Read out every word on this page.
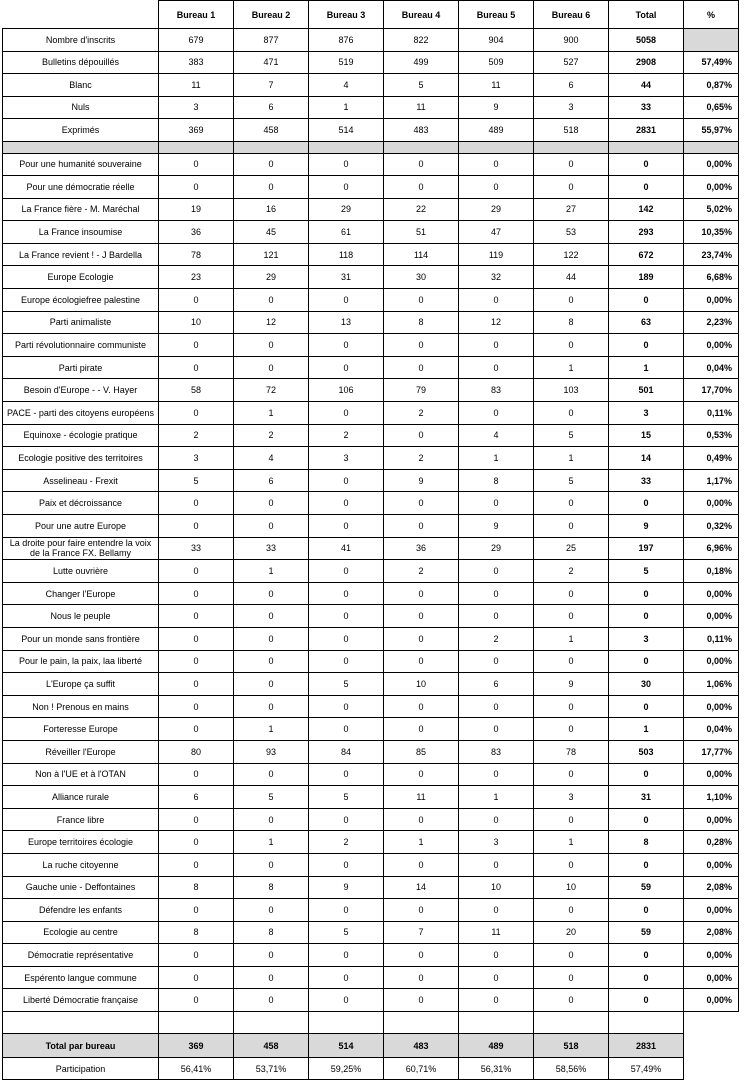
	Bureau 1	Bureau 2	Bureau 3	Bureau 4	Bureau 5	Bureau 6	Total	%
Nombre d'inscrits	679	877	876	822	904	900	5058	
Bulletins dépouillés	383	471	519	499	509	527	2908	57,49%
Blanc	11	7	4	5	11	6	44	0,87%
Nuls	3	6	1	11	9	3	33	0,65%
Exprimés	369	458	514	483	489	518	2831	55,97%

Pour une humanité souveraine	0	0	0	0	0	0	0	0,00%
Pour une démocratie réelle	0	0	0	0	0	0	0	0,00%
La France fière - M. Maréchal	19	16	29	22	29	27	142	5,02%
La France insoumise	36	45	61	51	47	53	293	10,35%
La France revient ! - J Bardella	78	121	118	114	119	122	672	23,74%
Europe Ecologie	23	29	31	30	32	44	189	6,68%
Europe écologiefree palestine	0	0	0	0	0	0	0	0,00%
Parti animaliste	10	12	13	8	12	8	63	2,23%
Parti révolutionnaire communiste	0	0	0	0	0	0	0	0,00%
Parti pirate	0	0	0	0	0	1	1	0,04%
Besoin d'Europe - - V. Hayer	58	72	106	79	83	103	501	17,70%
PACE - parti des citoyens européens	0	1	0	2	0	0	3	0,11%
Equinoxe - écologie pratique	2	2	2	0	4	5	15	0,53%
Ecologie positive des territoires	3	4	3	2	1	1	14	0,49%
Asselineau - Frexit	5	6	0	9	8	5	33	1,17%
Paix et décroissance	0	0	0	0	0	0	0	0,00%
Pour une autre Europe	0	0	0	0	9	0	9	0,32%
La droite pour faire entendre la voix de la France FX. Bellamy	33	33	41	36	29	25	197	6,96%
Lutte ouvrière	0	1	0	2	0	2	5	0,18%
Changer l'Europe	0	0	0	0	0	0	0	0,00%
Nous le peuple	0	0	0	0	0	0	0	0,00%
Pour un monde sans frontière	0	0	0	0	2	1	3	0,11%
Pour le pain, la paix, laa liberté	0	0	0	0	0	0	0	0,00%
L'Europe ça suffit	0	0	5	10	6	9	30	1,06%
Non ! Prenous en mains	0	0	0	0	0	0	0	0,00%
Forteresse Europe	0	1	0	0	0	0	1	0,04%
Réveiller l'Europe	80	93	84	85	83	78	503	17,77%
Non à l'UE et à l'OTAN	0	0	0	0	0	0	0	0,00%
Alliance rurale	6	5	5	11	1	3	31	1,10%
France libre	0	0	0	0	0	0	0	0,00%
Europe territoires écologie	0	1	2	1	3	1	8	0,28%
La ruche citoyenne	0	0	0	0	0	0	0	0,00%
Gauche unie - Deffontaines	8	8	9	14	10	10	59	2,08%
Défendre les enfants	0	0	0	0	0	0	0	0,00%
Ecologie au centre	8	8	5	7	11	20	59	2,08%
Démocratie représentative	0	0	0	0	0	0	0	0,00%
Espérento langue commune	0	0	0	0	0	0	0	0,00%
Liberté Démocratie française	0	0	0	0	0	0	0	0,00%

Total par bureau	369	458	514	483	489	518	2831	
Participation	56,41%	53,71%	59,25%	60,71%	56,31%	58,56%	57,49%	
